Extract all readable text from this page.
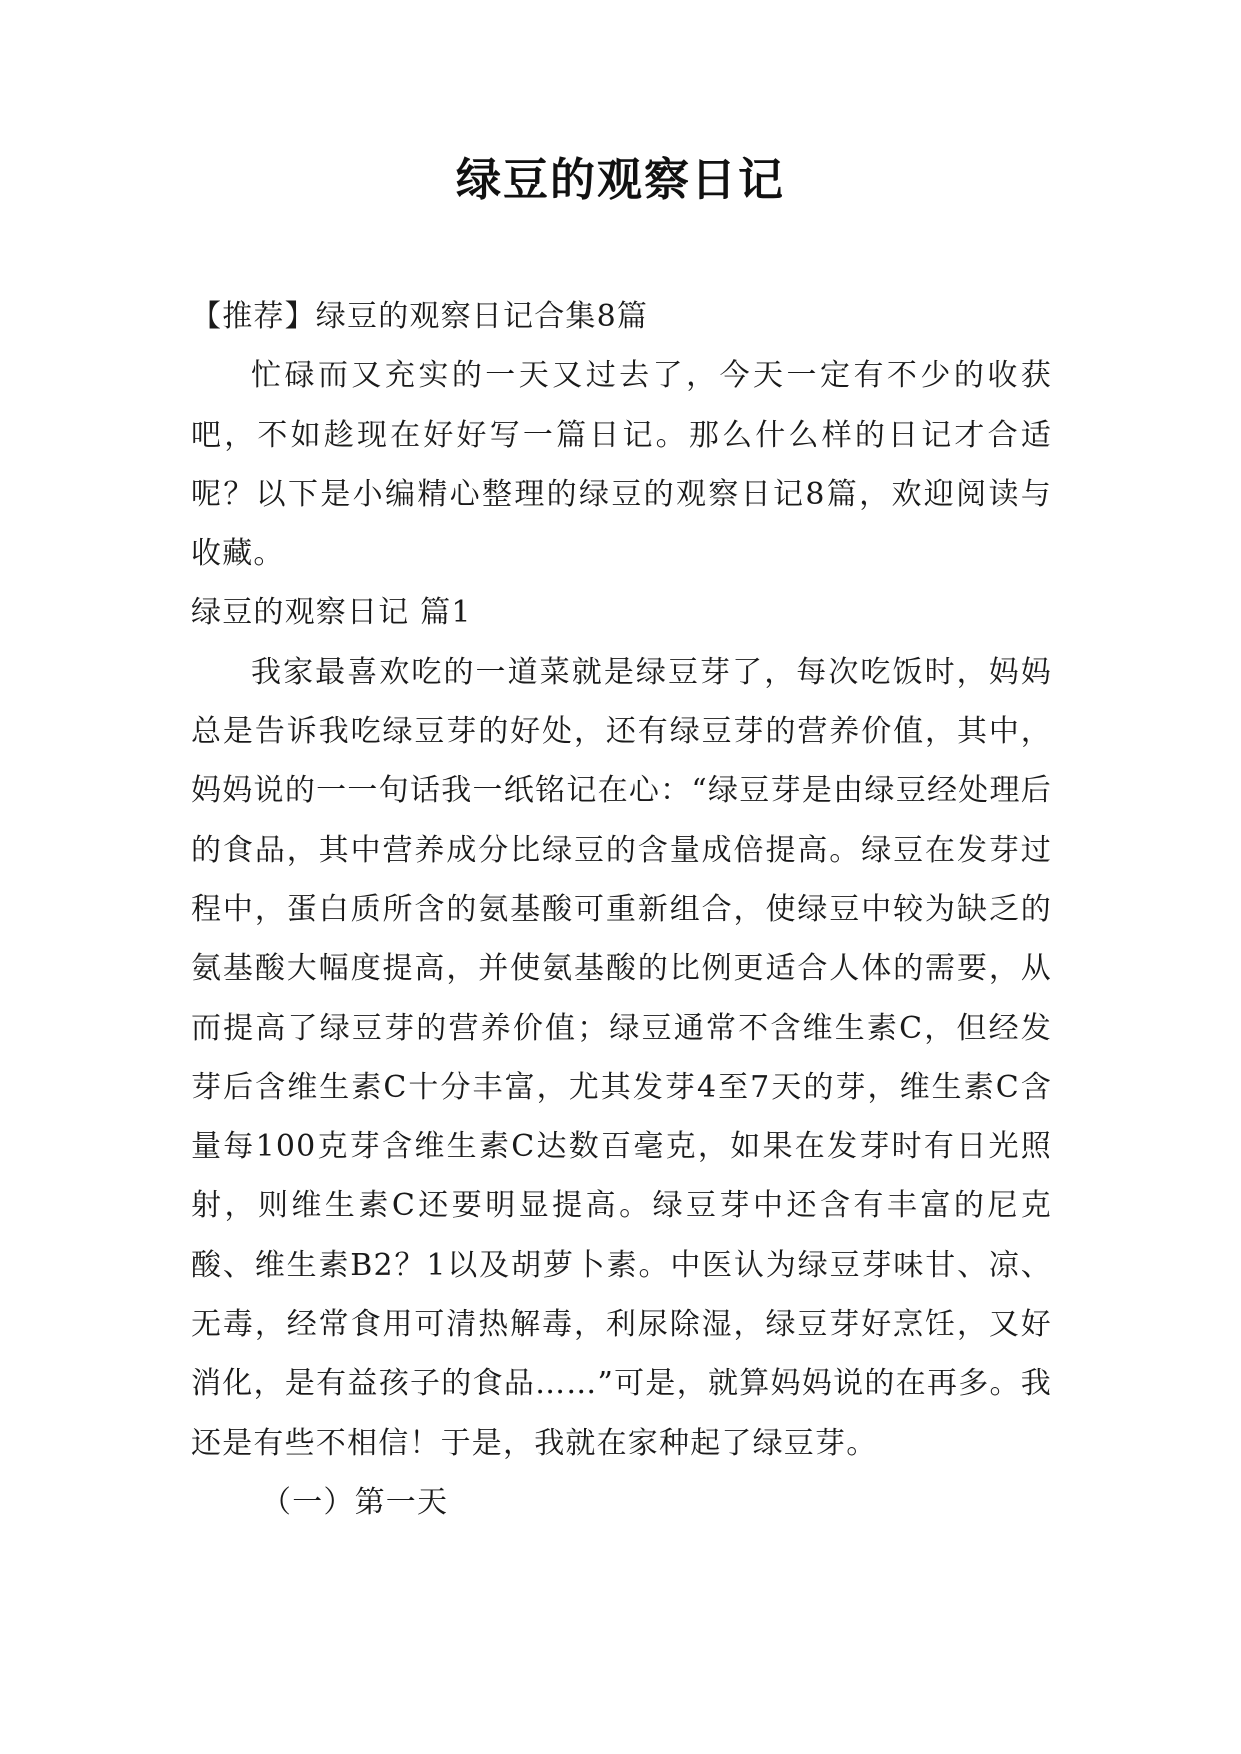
绿豆的观察日记

【推荐】绿豆的观察日记合集8篇

忙碌而又充实的一天又过去了，今天一定有不少的收获吧，不如趁现在好好写一篇日记。那么什么样的日记才合适呢？以下是小编精心整理的绿豆的观察日记8篇，欢迎阅读与收藏。

绿豆的观察日记 篇1

我家最喜欢吃的一道菜就是绿豆芽了，每次吃饭时，妈妈总是告诉我吃绿豆芽的好处，还有绿豆芽的营养价值，其中，妈妈说的一一句话我一纸铭记在心：“绿豆芽是由绿豆经处理后的食品，其中营养成分比绿豆的含量成倍提高。绿豆在发芽过程中，蛋白质所含的氨基酸可重新组合，使绿豆中较为缺乏的氨基酸大幅度提高，并使氨基酸的比例更适合人体的需要，从而提高了绿豆芽的营养价值；绿豆通常不含维生素C，但经发芽后含维生素C十分丰富，尤其发芽4至7天的芽，维生素C含量每100克芽含维生素C达数百毫克，如果在发芽时有日光照射，则维生素C还要明显提高。绿豆芽中还含有丰富的尼克酸、维生素B2？1以及胡萝卜素。中医认为绿豆芽味甘、凉、无毒，经常食用可清热解毒，利尿除湿，绿豆芽好烹饪，又好消化，是有益孩子的食品……”可是，就算妈妈说的在再多。我还是有些不相信！于是，我就在家种起了绿豆芽。

（一）第一天
